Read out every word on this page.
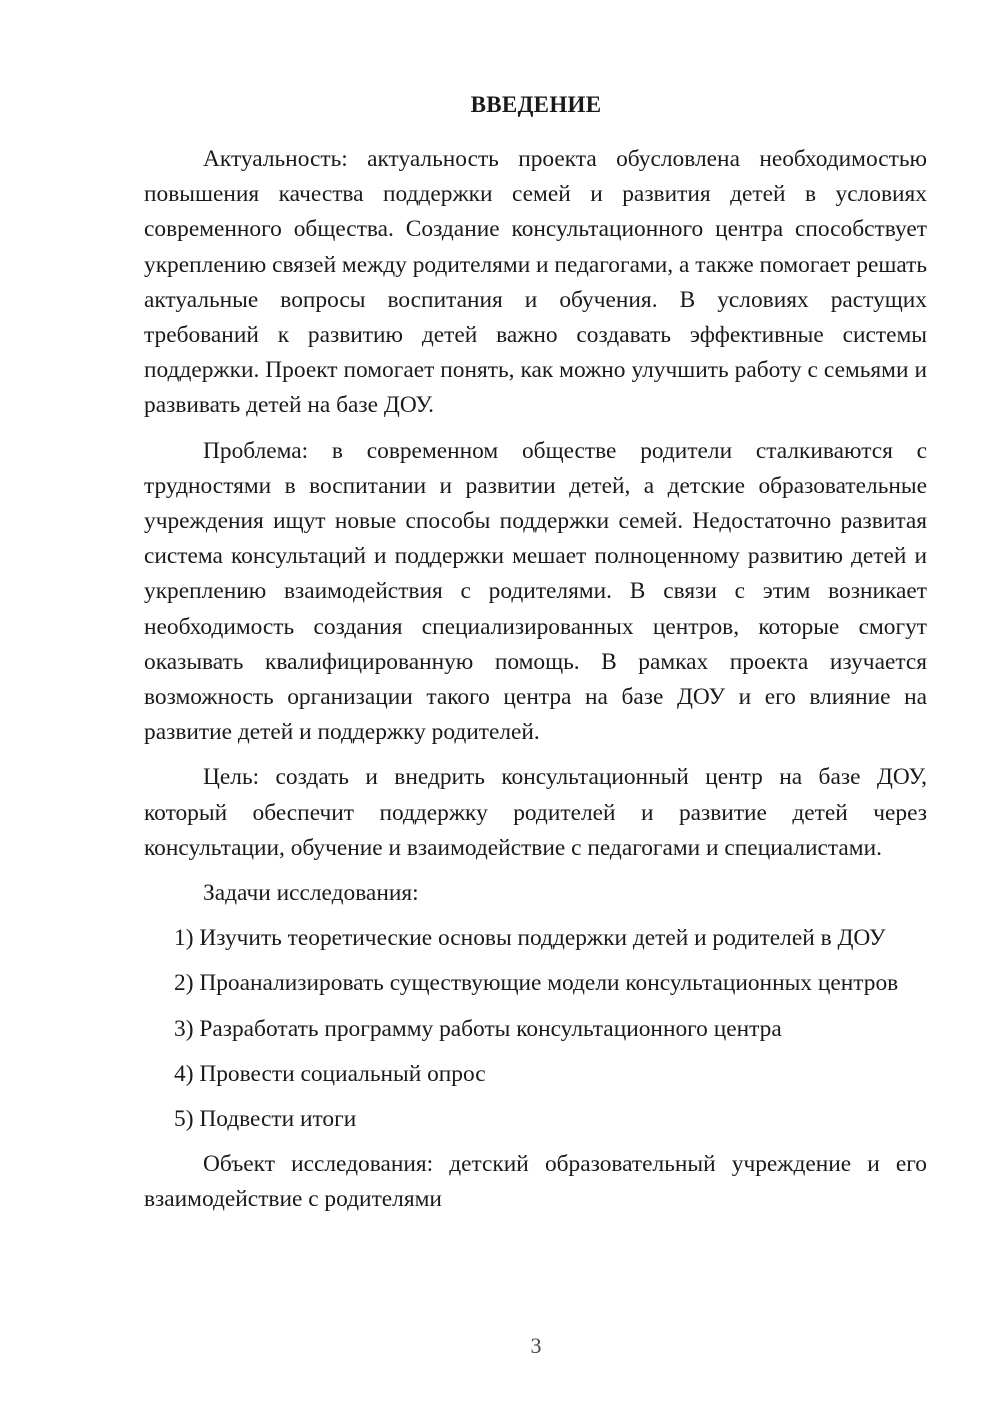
ВВЕДЕНИЕ

Актуальность: актуальность проекта обусловлена необходимостью повышения качества поддержки семей и развития детей в условиях современного общества. Создание консультационного центра способствует укреплению связей между родителями и педагогами, а также помогает решать актуальные вопросы воспитания и обучения. В условиях растущих требований к развитию детей важно создавать эффективные системы поддержки. Проект помогает понять, как можно улучшить работу с семьями и развивать детей на базе ДОУ.

Проблема: в современном обществе родители сталкиваются с трудностями в воспитании и развитии детей, а детские образовательные учреждения ищут новые способы поддержки семей. Недостаточно развитая система консультаций и поддержки мешает полноценному развитию детей и укреплению взаимодействия с родителями. В связи с этим возникает необходимость создания специализированных центров, которые смогут оказывать квалифицированную помощь. В рамках проекта изучается возможность организации такого центра на базе ДОУ и его влияние на развитие детей и поддержку родителей.

Цель: создать и внедрить консультационный центр на базе ДОУ, который обеспечит поддержку родителей и развитие детей через консультации, обучение и взаимодействие с педагогами и специалистами.

Задачи исследования:

1) Изучить теоретические основы поддержки детей и родителей в ДОУ

2) Проанализировать существующие модели консультационных центров

3) Разработать программу работы консультационного центра

4) Провести социальный опрос

5) Подвести итоги

Объект исследования: детский образовательный учреждение и его взаимодействие с родителями

3
